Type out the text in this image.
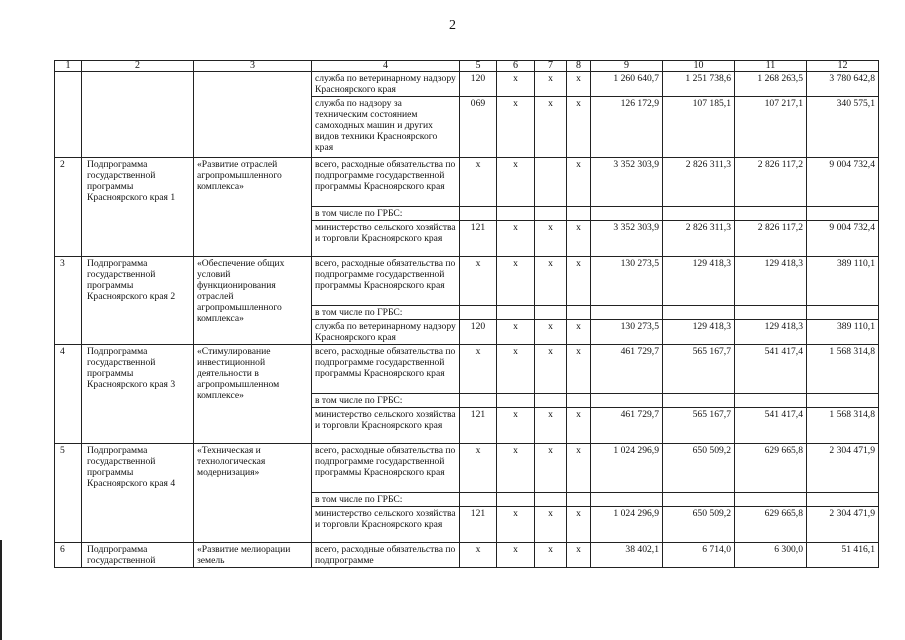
2
1	2	3	4	5	6	7	8	9	10	11	12
			служба по ветеринарному надзору Красноярского края	120	х	х	х	1 260 640,7	1 251 738,6	1 268 263,5	3 780 642,8
			служба по надзору за техническим состоянием самоходных машин и других видов техники Красноярского края	069	х	х	х	126 172,9	107 185,1	107 217,1	340 575,1
2	Подпрограмма государственной программы Красноярского края 1	«Развитие отраслей агропромышленного комплекса»	всего, расходные обязательства по подпрограмме государственной программы Красноярского края	х	х		х	3 352 303,9	2 826 311,3	2 826 117,2	9 004 732,4
			в том числе по ГРБС:								
			министерство сельского хозяйства и торговли Красноярского края	121	х	х	х	3 352 303,9	2 826 311,3	2 826 117,2	9 004 732,4
3	Подпрограмма государственной программы Красноярского края 2	«Обеспечение общих условий функционирования отраслей агропромышленного комплекса»	всего, расходные обязательства по подпрограмме государственной программы Красноярского края	х	х	х	х	130 273,5	129 418,3	129 418,3	389 110,1
			в том числе по ГРБС:								
			служба по ветеринарному надзору Красноярского края	120	х	х	х	130 273,5	129 418,3	129 418,3	389 110,1
4	Подпрограмма государственной программы Красноярского края 3	«Стимулирование инвестиционной деятельности в агропромышленном комплексе»	всего, расходные обязательства по подпрограмме государственной программы Красноярского края	х	х	х	х	461 729,7	565 167,7	541 417,4	1 568 314,8
			в том числе по ГРБС:								
			министерство сельского хозяйства и торговли Красноярского края	121	х	х	х	461 729,7	565 167,7	541 417,4	1 568 314,8
5	Подпрограмма государственной программы Красноярского края 4	«Техническая и технологическая модернизация»	всего, расходные обязательства по подпрограмме государственной программы Красноярского края	х	х	х	х	1 024 296,9	650 509,2	629 665,8	2 304 471,9
			в том числе по ГРБС:								
			министерство сельского хозяйства и торговли Красноярского края	121	х	х	х	1 024 296,9	650 509,2	629 665,8	2 304 471,9
6	Подпрограмма государственной	«Развитие мелиорации земель	всего, расходные обязательства по подпрограмме	х	х	х	х	38 402,1	6 714,0	6 300,0	51 416,1
